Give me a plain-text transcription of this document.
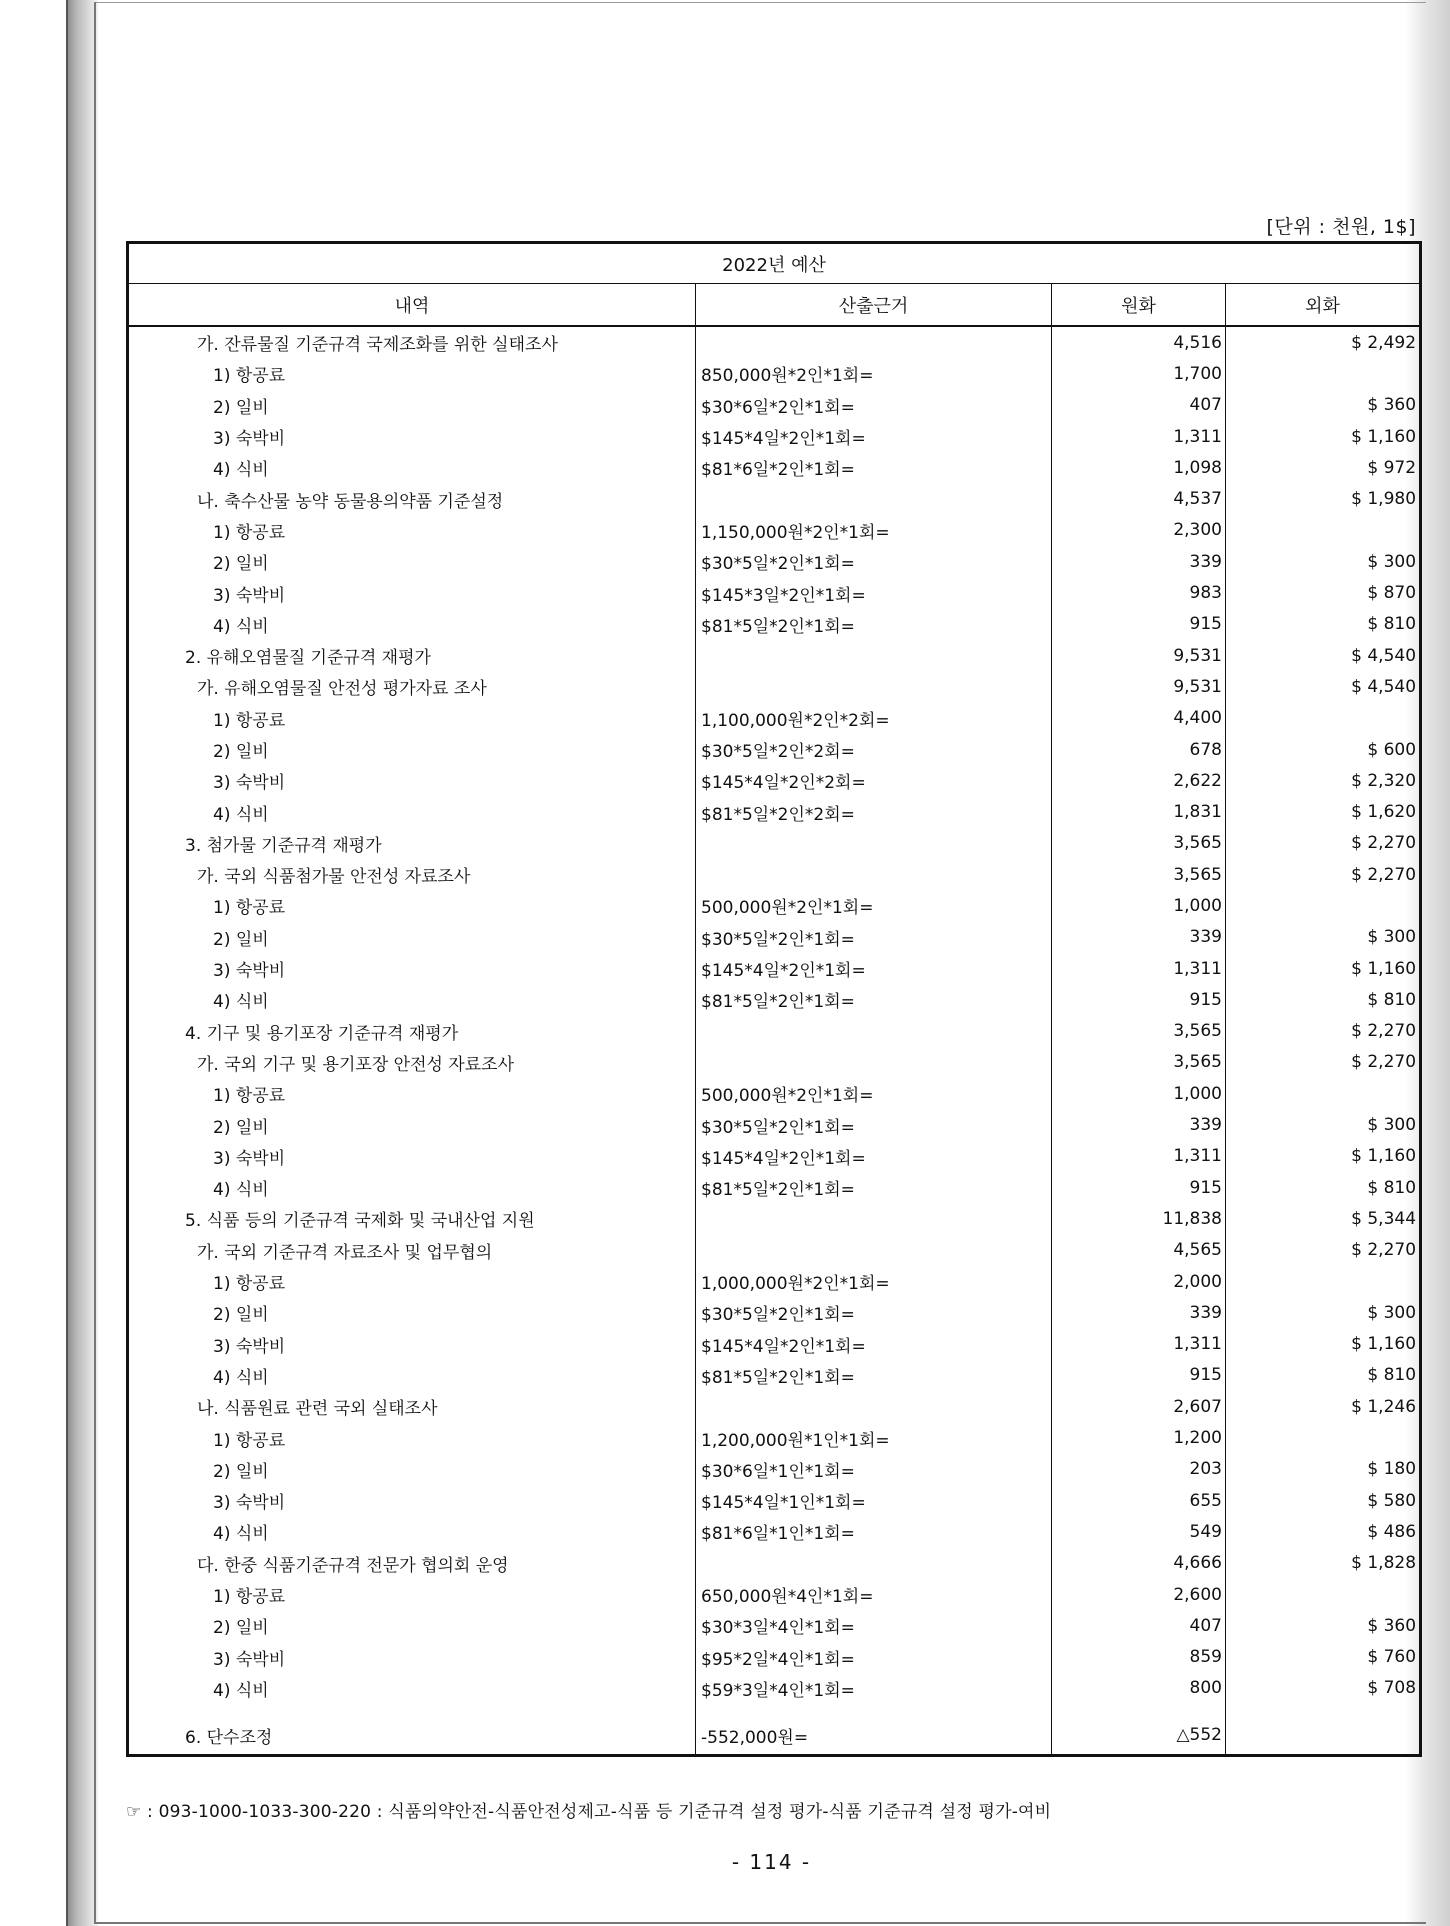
[단위 : 천원, 1$]
2022년 예산			
내역	산출근거	원화	외화
가. 잔류물질 기준규격 국제조화를 위한 실태조사		4,516	$ 2,492
1) 항공료	850,000원*2인*1회=	1,700	
2) 일비	$30*6일*2인*1회=	407	$ 360
3) 숙박비	$145*4일*2인*1회=	1,311	$ 1,160
4) 식비	$81*6일*2인*1회=	1,098	$ 972
나. 축수산물 농약 동물용의약품 기준설정		4,537	$ 1,980
1) 항공료	1,150,000원*2인*1회=	2,300	
2) 일비	$30*5일*2인*1회=	339	$ 300
3) 숙박비	$145*3일*2인*1회=	983	$ 870
4) 식비	$81*5일*2인*1회=	915	$ 810
2. 유해오염물질 기준규격 재평가		9,531	$ 4,540
가. 유해오염물질 안전성 평가자료 조사		9,531	$ 4,540
1) 항공료	1,100,000원*2인*2회=	4,400	
2) 일비	$30*5일*2인*2회=	678	$ 600
3) 숙박비	$145*4일*2인*2회=	2,622	$ 2,320
4) 식비	$81*5일*2인*2회=	1,831	$ 1,620
3. 첨가물 기준규격 재평가		3,565	$ 2,270
가. 국외 식품첨가물 안전성 자료조사		3,565	$ 2,270
1) 항공료	500,000원*2인*1회=	1,000	
2) 일비	$30*5일*2인*1회=	339	$ 300
3) 숙박비	$145*4일*2인*1회=	1,311	$ 1,160
4) 식비	$81*5일*2인*1회=	915	$ 810
4. 기구 및 용기포장 기준규격 재평가		3,565	$ 2,270
가. 국외 기구 및 용기포장 안전성 자료조사		3,565	$ 2,270
1) 항공료	500,000원*2인*1회=	1,000	
2) 일비	$30*5일*2인*1회=	339	$ 300
3) 숙박비	$145*4일*2인*1회=	1,311	$ 1,160
4) 식비	$81*5일*2인*1회=	915	$ 810
5. 식품 등의 기준규격 국제화 및 국내산업 지원		11,838	$ 5,344
가. 국외 기준규격 자료조사 및 업무협의		4,565	$ 2,270
1) 항공료	1,000,000원*2인*1회=	2,000	
2) 일비	$30*5일*2인*1회=	339	$ 300
3) 숙박비	$145*4일*2인*1회=	1,311	$ 1,160
4) 식비	$81*5일*2인*1회=	915	$ 810
나. 식품원료 관련 국외 실태조사		2,607	$ 1,246
1) 항공료	1,200,000원*1인*1회=	1,200	
2) 일비	$30*6일*1인*1회=	203	$ 180
3) 숙박비	$145*4일*1인*1회=	655	$ 580
4) 식비	$81*6일*1인*1회=	549	$ 486
다. 한중 식품기준규격 전문가 협의회 운영		4,666	$ 1,828
1) 항공료	650,000원*4인*1회=	2,600	
2) 일비	$30*3일*4인*1회=	407	$ 360
3) 숙박비	$95*2일*4인*1회=	859	$ 760
4) 식비	$59*3일*4인*1회=	800	$ 708

6. 단수조정	-552,000원=	△552	
☞ : 093-1000-1033-300-220 : 식품의약안전-식품안전성제고-식품 등 기준규격 설정 평가-식품 기준규격 설정 평가-여비
- 114 -
